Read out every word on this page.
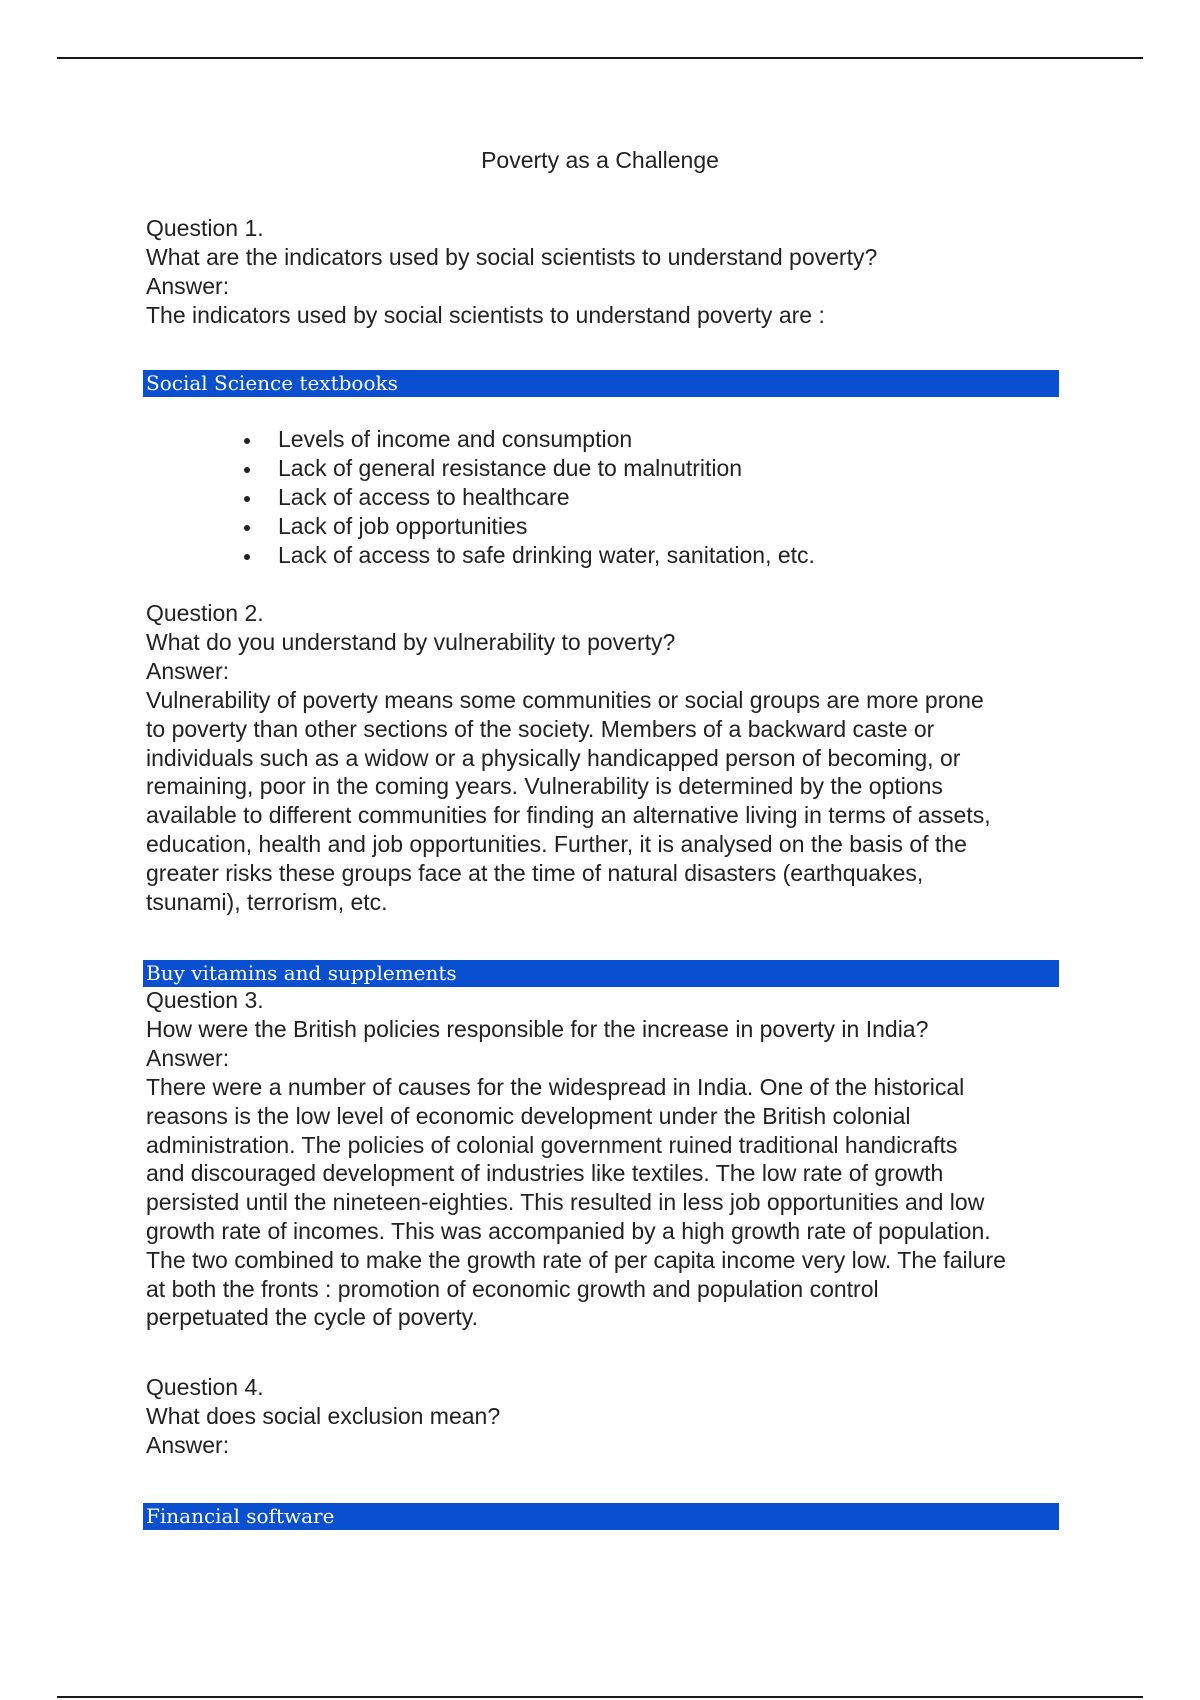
Poverty as a Challenge
Question 1.
What are the indicators used by social scientists to understand poverty?
Answer:
The indicators used by social scientists to understand poverty are :
Social Science textbooks
Levels of income and consumption
Lack of general resistance due to malnutrition
Lack of access to healthcare
Lack of job opportunities
Lack of access to safe drinking water, sanitation, etc.
Question 2.
What do you understand by vulnerability to poverty?
Answer:
Vulnerability of poverty means some communities or social groups are more prone
to poverty than other sections of the society. Members of a backward caste or
individuals such as a widow or a physically handicapped person of becoming, or
remaining, poor in the coming years. Vulnerability is determined by the options
available to different communities for finding an alternative living in terms of assets,
education, health and job opportunities. Further, it is analysed on the basis of the
greater risks these groups face at the time of natural disasters (earthquakes,
tsunami), terrorism, etc.
Buy vitamins and supplements
Question 3.
How were the British policies responsible for the increase in poverty in India?
Answer:
There were a number of causes for the widespread in India. One of the historical
reasons is the low level of economic development under the British colonial
administration. The policies of colonial government ruined traditional handicrafts
and discouraged development of industries like textiles. The low rate of growth
persisted until the nineteen-eighties. This resulted in less job opportunities and low
growth rate of incomes. This was accompanied by a high growth rate of population.
The two combined to make the growth rate of per capita income very low. The failure
at both the fronts : promotion of economic growth and population control
perpetuated the cycle of poverty.
Question 4.
What does social exclusion mean?
Answer:
Financial software
